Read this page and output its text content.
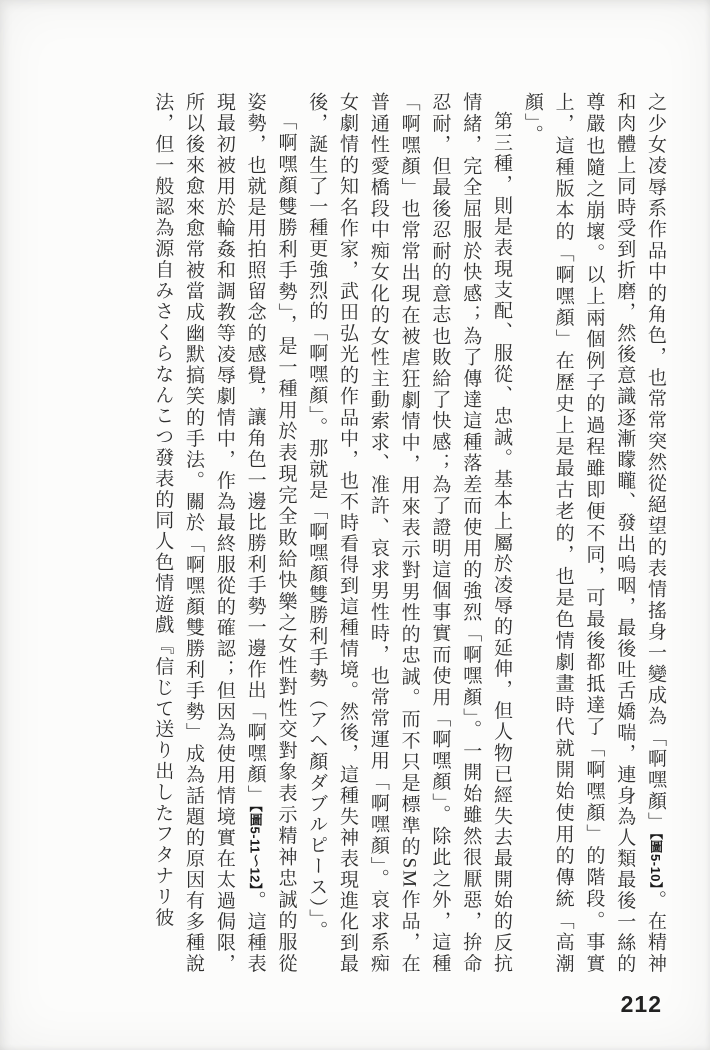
之少女凌辱系作品中的角色，也常常突然從絕望的表情搖身一變成為「啊嘿顏」【圖5-10】。在精神和肉體上同時受到折磨，然後意識逐漸矇矓、發出嗚咽，最後吐舌嬌喘，連身為人類最後一絲的尊嚴也隨之崩壞。以上兩個例子的過程雖即便不同，可最後都抵達了「啊嘿顏」的階段。事實上，這種版本的「啊嘿顏」在歷史上是最古老的，也是色情劇畫時代就開始使用的傳統「高潮顏」。

第三種，則是表現支配、服從、忠誠。基本上屬於凌辱的延伸，但人物已經失去最開始的反抗情緒，完全屈服於快感；為了傳達這種落差而使用的強烈「啊嘿顏」。一開始雖然很厭惡，拚命忍耐，但最後忍耐的意志也敗給了快感；為了證明這個事實而使用「啊嘿顏」。除此之外，這種「啊嘿顏」也常常出現在被虐狂劇情中，用來表示對男性的忠誠。而不只是標準的SM作品，在普通性愛橋段中痴女化的女性主動索求、准許、哀求男性時，也常常運用「啊嘿顏」。哀求系痴女劇情的知名作家，武田弘光的作品中，也不時看得到這種情境。然後，這種失神表現進化到最後，誕生了一種更強烈的「啊嘿顏」。那就是「啊嘿顏雙勝利手勢（アヘ顏ダブルピース）」。

「啊嘿顏雙勝利手勢」，是一種用於表現完全敗給快樂之女性對性交對象表示精神忠誠的服從姿勢，也就是用拍照留念的感覺，讓角色一邊比勝利手勢一邊作出「啊嘿顏」【圖5-11～12】。這種表現最初被用於輪姦和調教等凌辱劇情中，作為最終服從的確認；但因為使用情境實在太過侷限，所以後來愈來愈常被當成幽默搞笑的手法。關於「啊嘿顏雙勝利手勢」成為話題的原因有多種說法，但一般認為源自みさくらなんこつ發表的同人色情遊戲『信じて送り出したフタナリ彼

212
